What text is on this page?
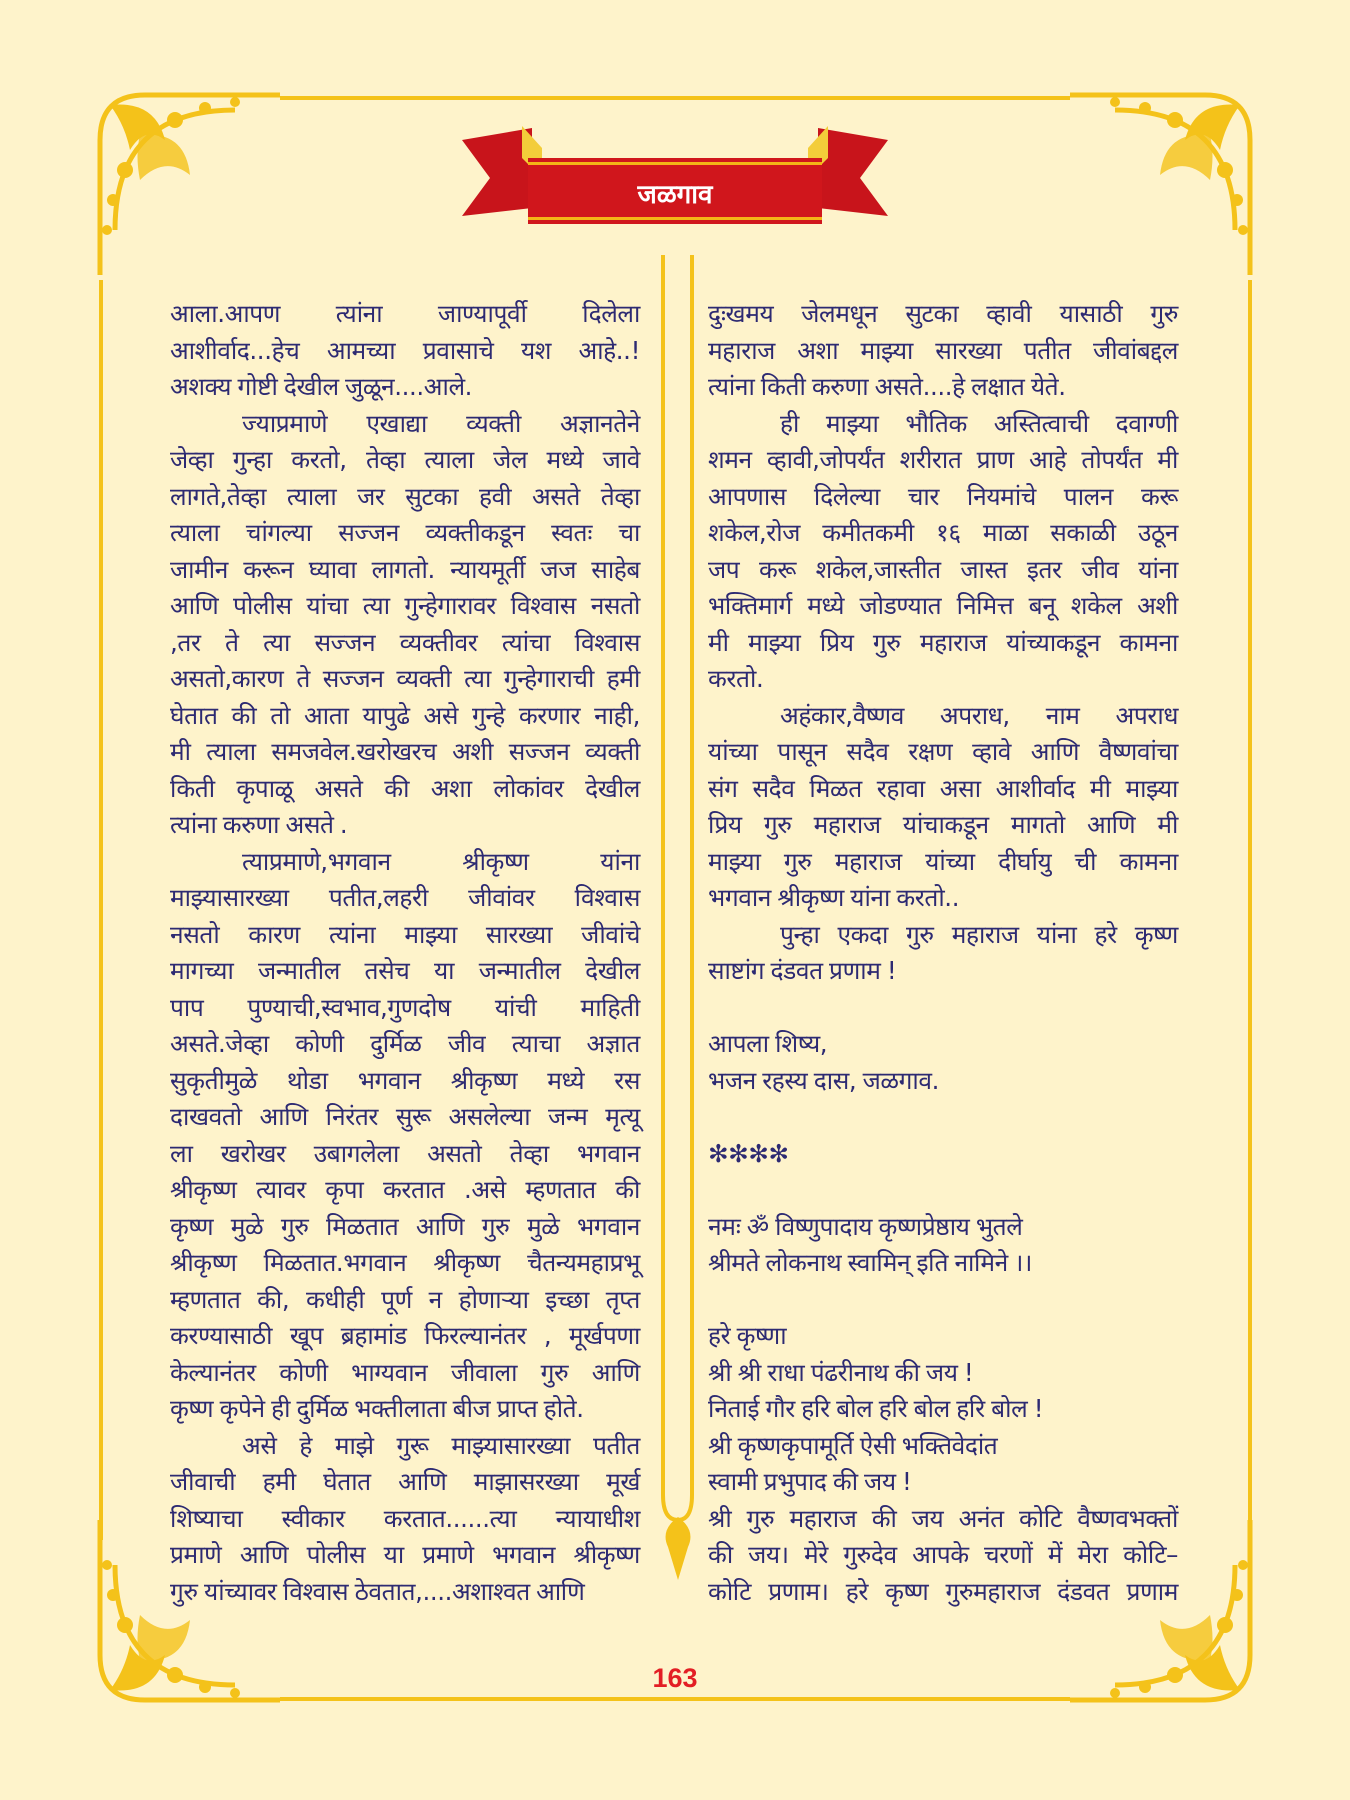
जळगाव
आला.आपण त्यांना जाण्यापूर्वी दिलेला
आशीर्वाद...हेच आमच्या प्रवासाचे यश आहे..!
अशक्य गोष्टी देखील जुळून....आले.
ज्याप्रमाणे एखाद्या व्यक्ती अज्ञानतेने
जेव्हा गुन्हा करतो, तेव्हा त्याला जेल मध्ये जावे
लागते,तेव्हा त्याला जर सुटका हवी असते तेव्हा
त्याला चांगल्या सज्जन व्यक्तीकडून स्वतः चा
जामीन करून घ्यावा लागतो. न्यायमूर्ती जज साहेब
आणि पोलीस यांचा त्या गुन्हेगारावर विश्वास नसतो
,तर ते त्या सज्जन व्यक्तीवर त्यांचा विश्वास
असतो,कारण ते सज्जन व्यक्ती त्या गुन्हेगाराची हमी
घेतात की तो आता यापुढे असे गुन्हे करणार नाही,
मी त्याला समजवेल.खरोखरच अशी सज्जन व्यक्ती
किती कृपाळू असते की अशा लोकांवर देखील
त्यांना करुणा असते .
त्याप्रमाणे,भगवान श्रीकृष्ण यांना
माझ्यासारख्या पतीत,लहरी जीवांवर विश्वास
नसतो कारण त्यांना माझ्या सारख्या जीवांचे
मागच्या जन्मातील तसेच या जन्मातील देखील
पाप पुण्याची,स्वभाव,गुणदोष यांची माहिती
असते.जेव्हा कोणी दुर्मिळ जीव त्याचा अज्ञात
सुकृतीमुळे थोडा भगवान श्रीकृष्ण मध्ये रस
दाखवतो आणि निरंतर सुरू असलेल्या जन्म मृत्यू
ला खरोखर उबागलेला असतो तेव्हा भगवान
श्रीकृष्ण त्यावर कृपा करतात .असे म्हणतात की
कृष्ण मुळे गुरु मिळतात आणि गुरु मुळे भगवान
श्रीकृष्ण मिळतात.भगवान श्रीकृष्ण चैतन्यमहाप्रभू
म्हणतात की, कधीही पूर्ण न होणाऱ्या इच्छा तृप्त
करण्यासाठी खूप ब्रहामांड फिरल्यानंतर , मूर्खपणा
केल्यानंतर कोणी भाग्यवान जीवाला गुरु आणि
कृष्ण कृपेने ही दुर्मिळ भक्तीलाता बीज प्राप्त होते.
असे हे माझे गुरू माझ्यासारख्या पतीत
जीवाची हमी घेतात आणि माझासरख्या मूर्ख
शिष्याचा स्वीकार करतात......त्या न्यायाधीश
प्रमाणे आणि पोलीस या प्रमाणे भगवान श्रीकृष्ण
गुरु यांच्यावर विश्वास ठेवतात,....अशाश्वत आणि
दुःखमय जेलमधून सुटका व्हावी यासाठी गुरु
महाराज अशा माझ्या सारख्या पतीत जीवांबद्दल
त्यांना किती करुणा असते....हे लक्षात येते.
ही माझ्या भौतिक अस्तित्वाची दवाग्णी
शमन व्हावी,जोपर्यंत शरीरात प्राण आहे तोपर्यंत मी
आपणास दिलेल्या चार नियमांचे पालन करू
शकेल,रोज कमीतकमी १६ माळा सकाळी उठून
जप करू शकेल,जास्तीत जास्त इतर जीव यांना
भक्तिमार्ग मध्ये जोडण्यात निमित्त बनू शकेल अशी
मी माझ्या प्रिय गुरु महाराज यांच्याकडून कामना
करतो.
अहंकार,वैष्णव अपराध, नाम अपराध
यांच्या पासून सदैव रक्षण व्हावे आणि वैष्णवांचा
संग सदैव मिळत रहावा असा आशीर्वाद मी माझ्या
प्रिय गुरु महाराज यांचाकडून मागतो आणि मी
माझ्या गुरु महाराज यांच्या दीर्घायु ची कामना
भगवान श्रीकृष्ण यांना करतो..
पुन्हा एकदा गुरु महाराज यांना हरे कृष्ण
साष्टांग दंडवत प्रणाम !
आपला शिष्य,
भजन रहस्य दास, जळगाव.
✻✻✻✻
नमः ॐ विष्णुपादाय कृष्णप्रेष्ठाय भुतले
श्रीमते लोकनाथ स्वामिन् इति नामिने ।।
हरे कृष्णा
श्री श्री राधा पंढरीनाथ की जय !
निताई गौर हरि बोल हरि बोल हरि बोल !
श्री कृष्णकृपामूर्ति ऐसी भक्तिवेदांत
स्वामी प्रभुपाद की जय !
श्री गुरु महाराज की जय अनंत कोटि वैष्णवभक्तों
की जय। मेरे गुरुदेव आपके चरणों में मेरा कोटि–
कोटि प्रणाम। हरे कृष्ण गुरुमहाराज दंडवत प्रणाम
163
